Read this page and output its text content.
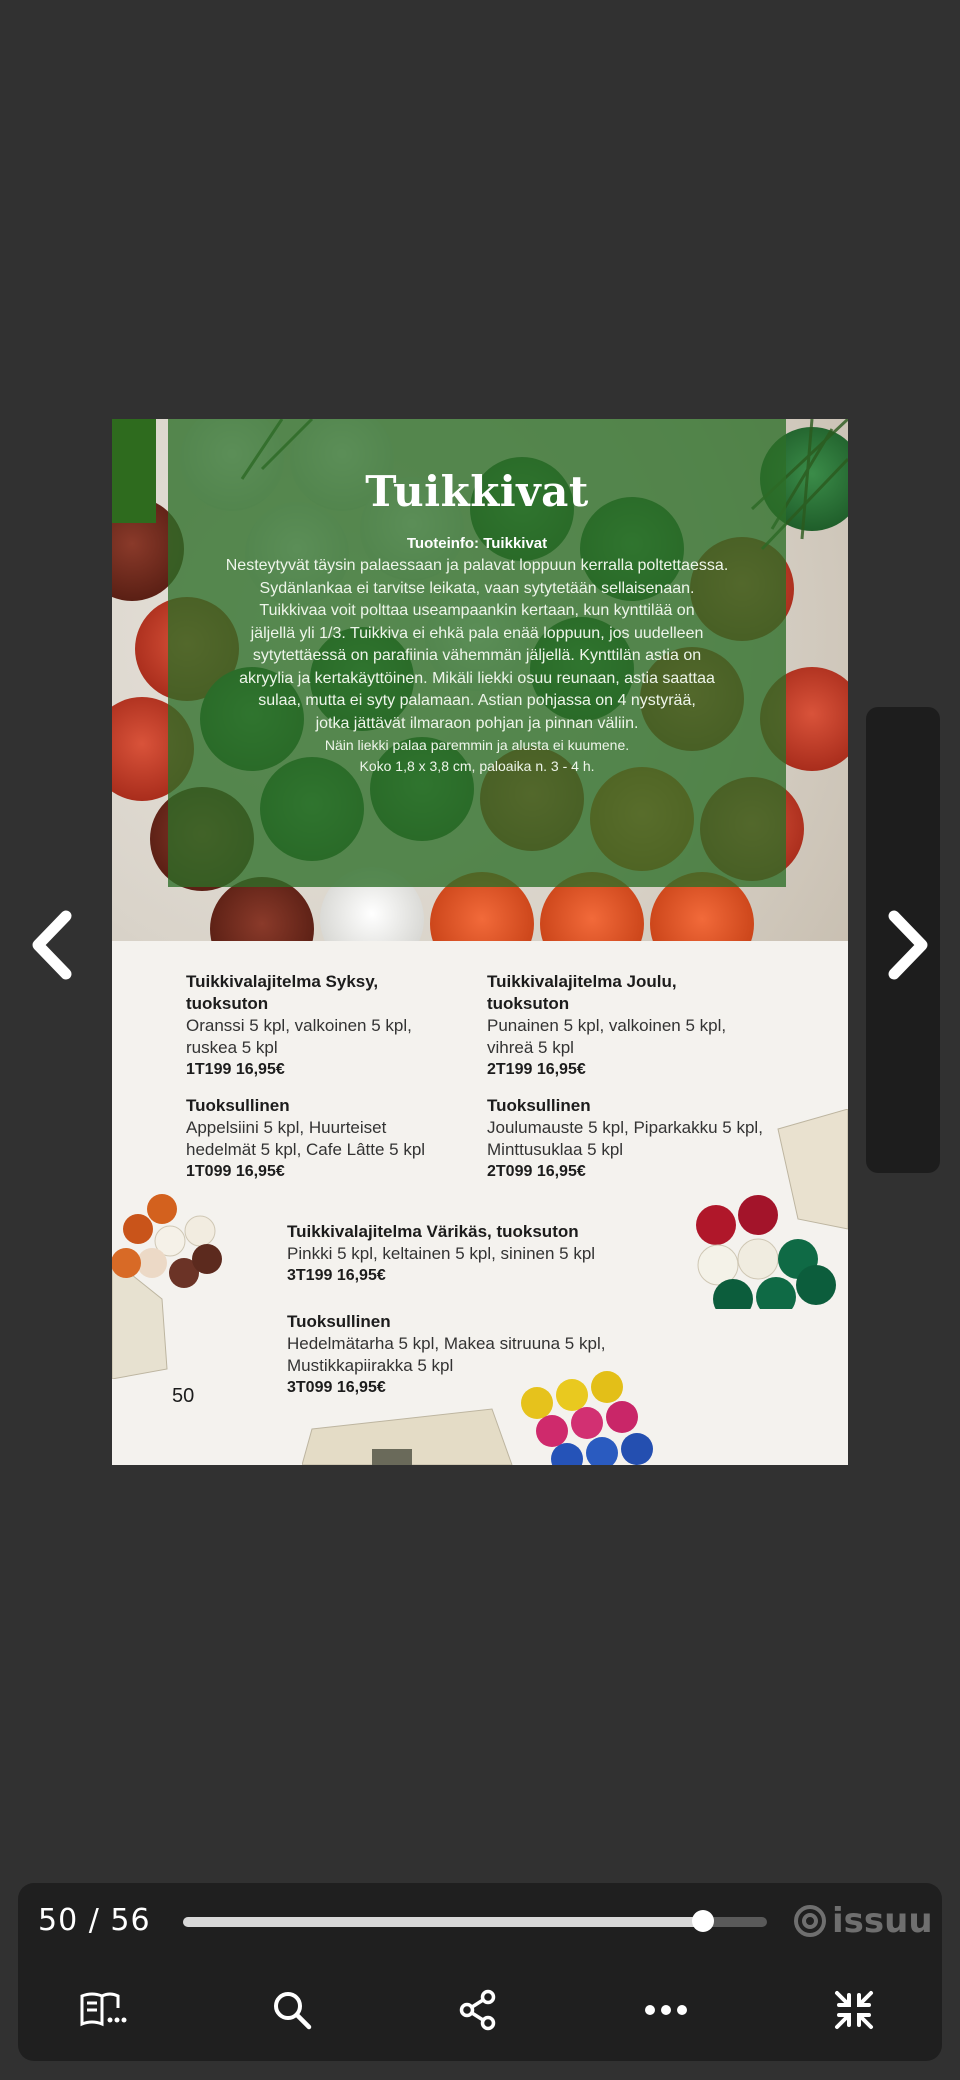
Tuikkivat
Tuoteinfo: Tuikkivat
Nesteytyvät täysin palaessaan ja palavat loppuun kerralla poltettaessa.
Sydänlankaa ei tarvitse leikata, vaan sytytetään sellaisenaan.
Tuikkivaa voit polttaa useampaankin kertaan, kun kynttilää on
jäljellä yli 1/3. Tuikkiva ei ehkä pala enää loppuun, jos uudelleen
sytytettäessä on parafiinia vähemmän jäljellä. Kynttilän astia on
akryylia ja kertakäyttöinen. Mikäli liekki osuu reunaan, astia saattaa
sulaa, mutta ei syty palamaan. Astian pohjassa on 4 nystyrää,
jotka jättävät ilmaraon pohjan ja pinnan väliin.
Näin liekki palaa paremmin ja alusta ei kuumene.
Koko 1,8 x 3,8 cm, paloaika n. 3 - 4 h.
Tuikkivalajitelma Syksy,
tuoksuton
Oranssi 5 kpl, valkoinen 5 kpl,
ruskea 5 kpl
1T199 16,95€
Tuikkivalajitelma Joulu,
tuoksuton
Punainen 5 kpl, valkoinen 5 kpl,
vihreä 5 kpl
2T199 16,95€
Tuoksullinen
Appelsiini 5 kpl, Huurteiset
hedelmät 5 kpl, Cafe Lâtte 5 kpl
1T099 16,95€
Tuoksullinen
Joulumauste 5 kpl, Piparkakku 5 kpl,
Minttusuklaa 5 kpl
2T099 16,95€
Tuikkivalajitelma Värikäs, tuoksuton
Pinkki 5 kpl, keltainen 5 kpl, sininen 5 kpl
3T199 16,95€
Tuoksullinen
Hedelmätarha 5 kpl, Makea sitruuna 5 kpl,
Mustikkapiirakka 5 kpl
3T099 16,95€
50
50 / 56	issuu
